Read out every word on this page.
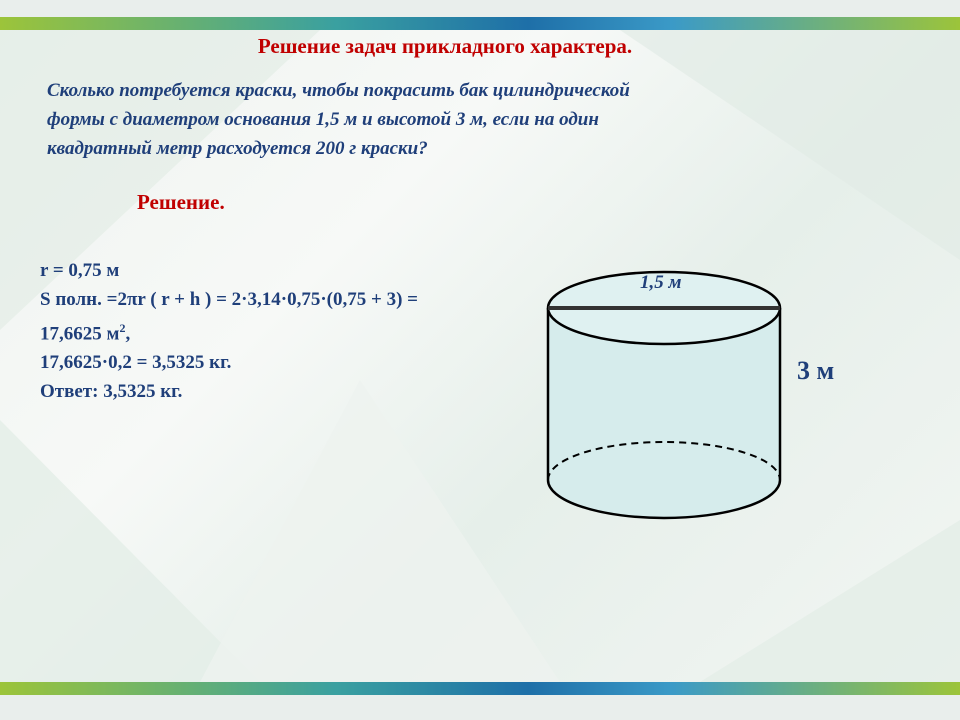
Решение задач прикладного характера.
Сколько потребуется краски, чтобы покрасить бак цилиндрической
формы с диаметром основания 1,5 м и высотой 3 м, если на один
квадратный метр расходуется 200 г краски?
Решение.
r = 0,75 м
S полн. =2πr ( r + h ) = 2·3,14·0,75·(0,75 + 3) =
17,6625 $м^2$,
17,6625·0,2 = 3,5325 кг.
Ответ: 3,5325 кг.
1,5 м
3 м
